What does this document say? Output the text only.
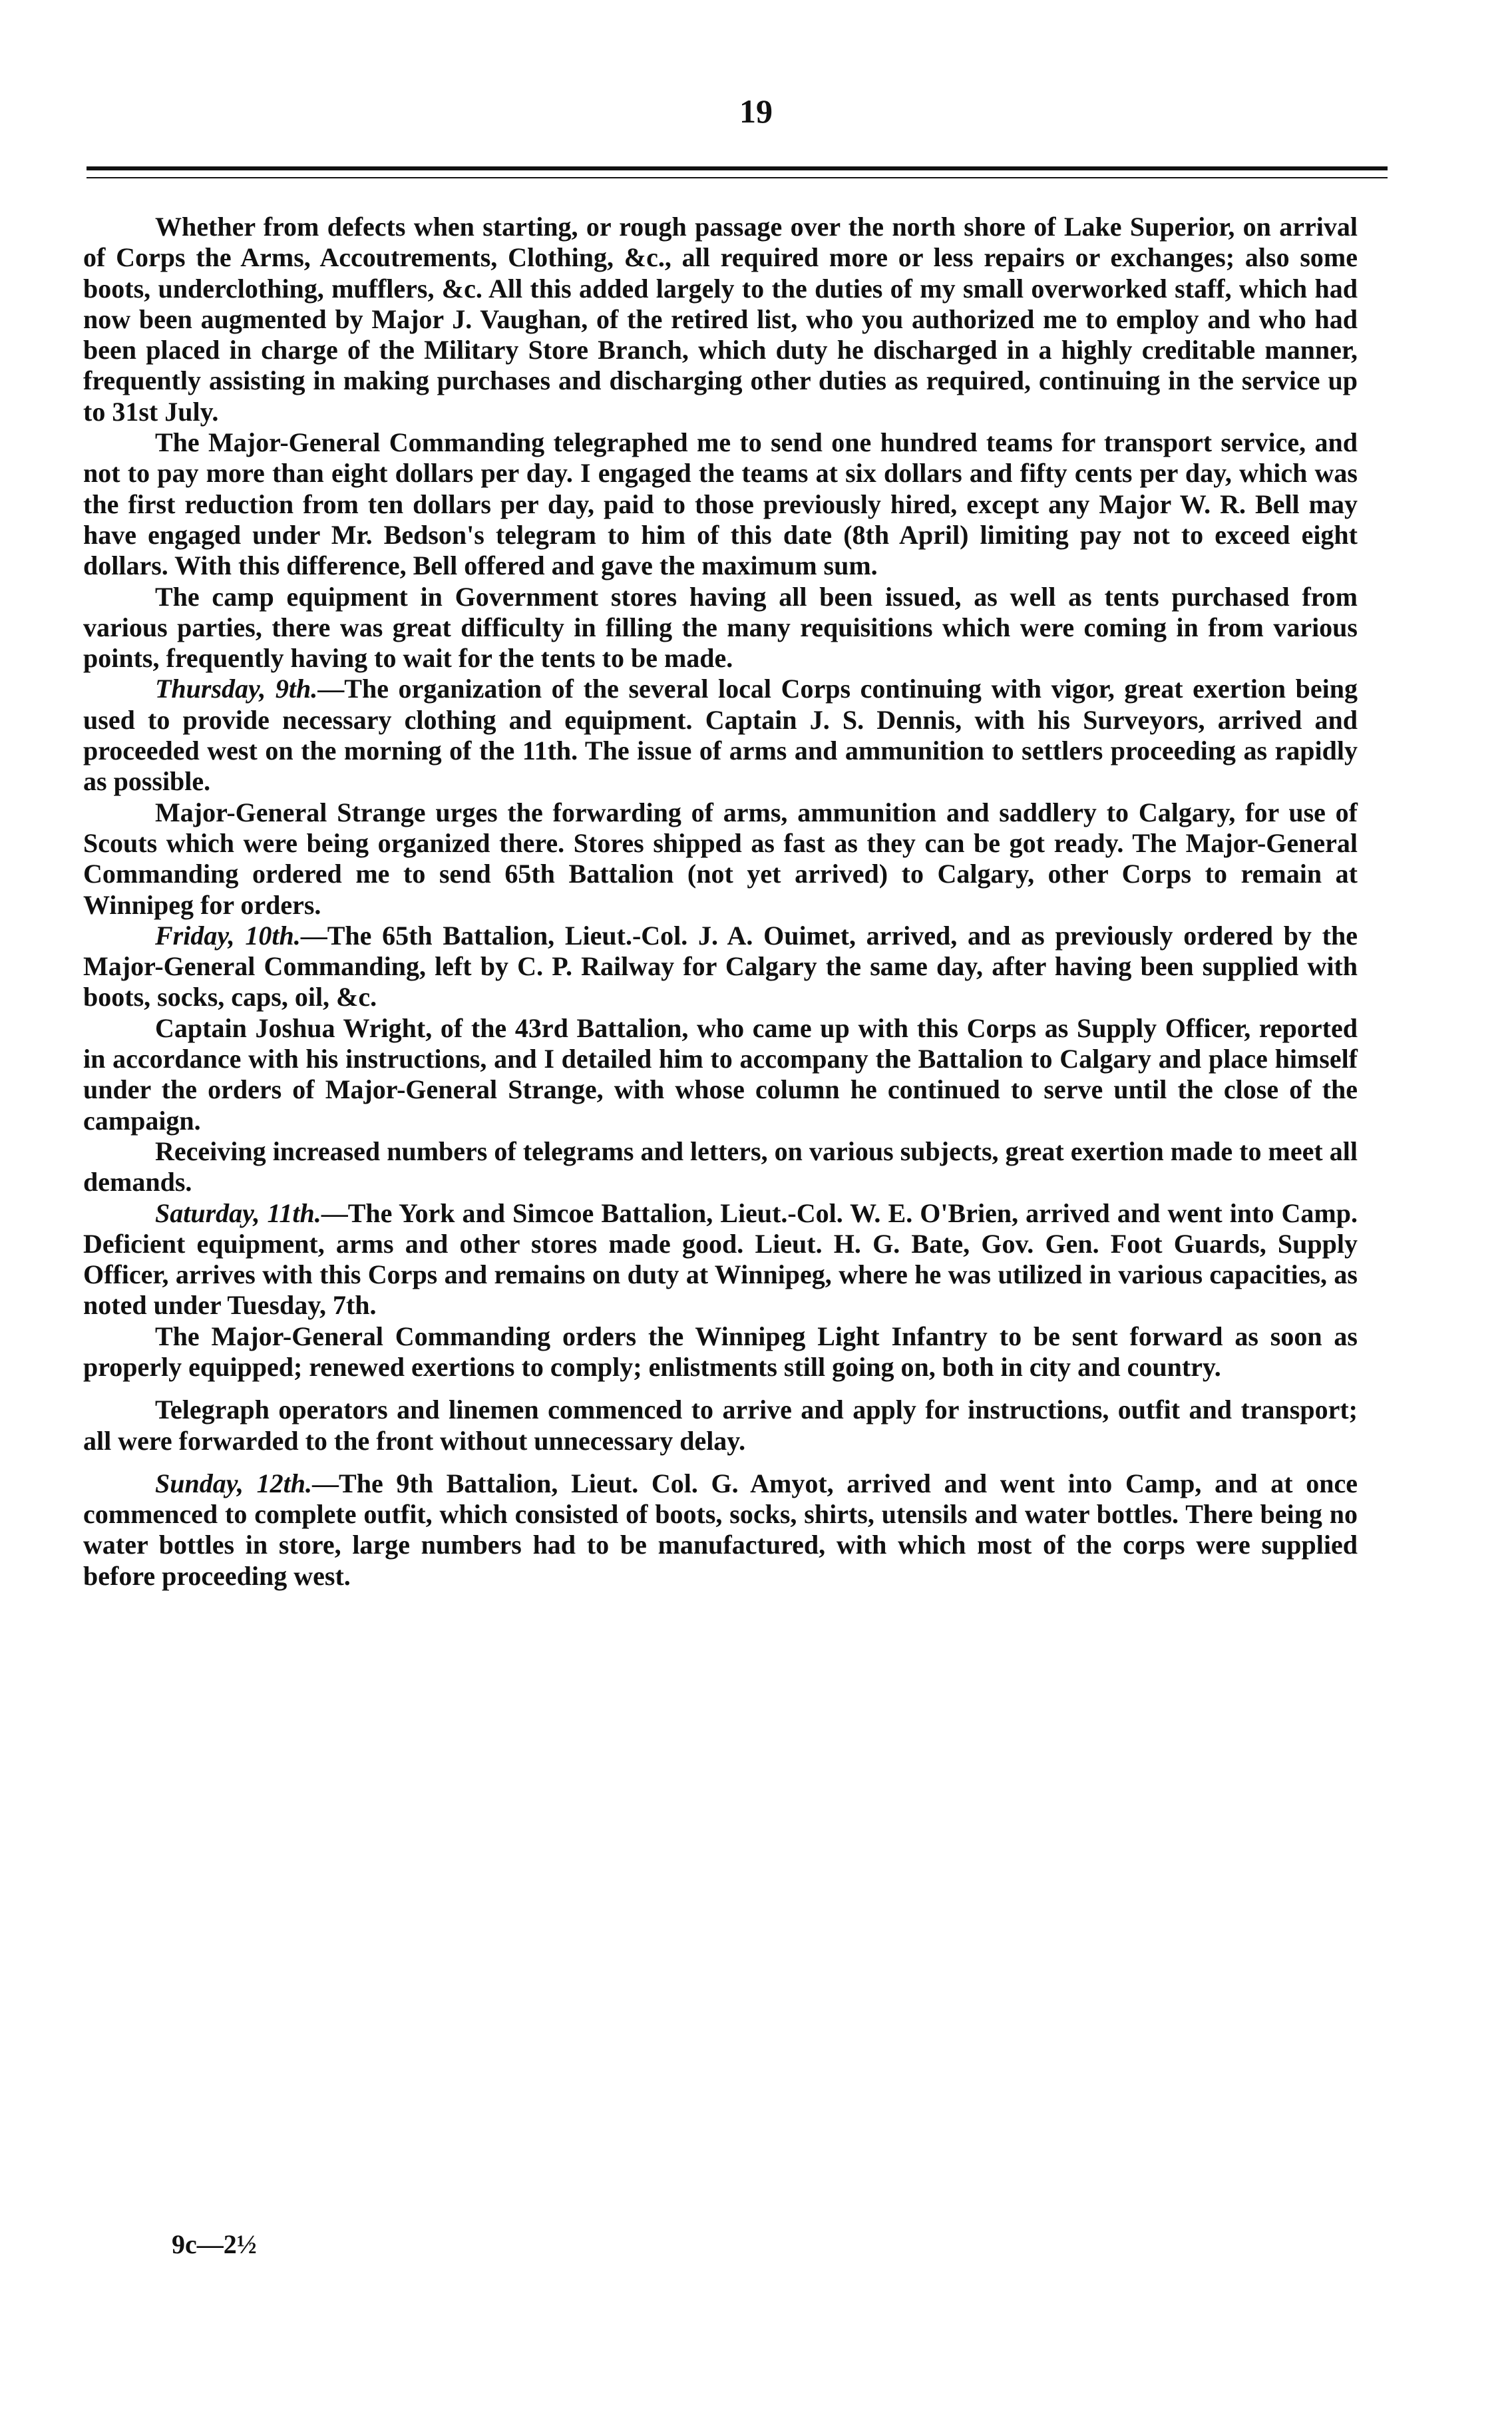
19

Whether from defects when starting, or rough passage over the north shore of Lake Superior, on arrival of Corps the Arms, Accoutrements, Clothing, &c., all required more or less repairs or exchanges; also some boots, underclothing, mufflers, &c. All this added largely to the duties of my small overworked staff, which had now been augmented by Major J. Vaughan, of the retired list, who you authorized me to employ and who had been placed in charge of the Military Store Branch, which duty he discharged in a highly creditable manner, frequently assisting in making purchases and discharging other duties as required, continuing in the service up to 31st July.

The Major-General Commanding telegraphed me to send one hundred teams for transport service, and not to pay more than eight dollars per day. I engaged the teams at six dollars and fifty cents per day, which was the first reduction from ten dollars per day, paid to those previously hired, except any Major W. R. Bell may have engaged under Mr. Bedson's telegram to him of this date (8th April) limiting pay not to exceed eight dollars. With this difference, Bell offered and gave the maximum sum.

The camp equipment in Government stores having all been issued, as well as tents purchased from various parties, there was great difficulty in filling the many requisitions which were coming in from various points, frequently having to wait for the tents to be made.

Thursday, 9th.—The organization of the several local Corps continuing with vigor, great exertion being used to provide necessary clothing and equipment. Captain J. S. Dennis, with his Surveyors, arrived and proceeded west on the morning of the 11th. The issue of arms and ammunition to settlers proceeding as rapidly as possible.

Major-General Strange urges the forwarding of arms, ammunition and saddlery to Calgary, for use of Scouts which were being organized there. Stores shipped as fast as they can be got ready. The Major-General Commanding ordered me to send 65th Battalion (not yet arrived) to Calgary, other Corps to remain at Winnipeg for orders.

Friday, 10th.—The 65th Battalion, Lieut.-Col. J. A. Ouimet, arrived, and as previously ordered by the Major-General Commanding, left by C. P. Railway for Calgary the same day, after having been supplied with boots, socks, caps, oil, &c.

Captain Joshua Wright, of the 43rd Battalion, who came up with this Corps as Supply Officer, reported in accordance with his instructions, and I detailed him to accompany the Battalion to Calgary and place himself under the orders of Major-General Strange, with whose column he continued to serve until the close of the campaign.

Receiving increased numbers of telegrams and letters, on various subjects, great exertion made to meet all demands.

Saturday, 11th.—The York and Simcoe Battalion, Lieut.-Col. W. E. O'Brien, arrived and went into Camp. Deficient equipment, arms and other stores made good. Lieut. H. G. Bate, Gov. Gen. Foot Guards, Supply Officer, arrives with this Corps and remains on duty at Winnipeg, where he was utilized in various capacities, as noted under Tuesday, 7th.

The Major-General Commanding orders the Winnipeg Light Infantry to be sent forward as soon as properly equipped; renewed exertions to comply; enlistments still going on, both in city and country.

Telegraph operators and linemen commenced to arrive and apply for instructions, outfit and transport; all were forwarded to the front without unnecessary delay.

Sunday, 12th.—The 9th Battalion, Lieut. Col. G. Amyot, arrived and went into Camp, and at once commenced to complete outfit, which consisted of boots, socks, shirts, utensils and water bottles. There being no water bottles in store, large numbers had to be manufactured, with which most of the corps were supplied before proceeding west.

9c—2½
